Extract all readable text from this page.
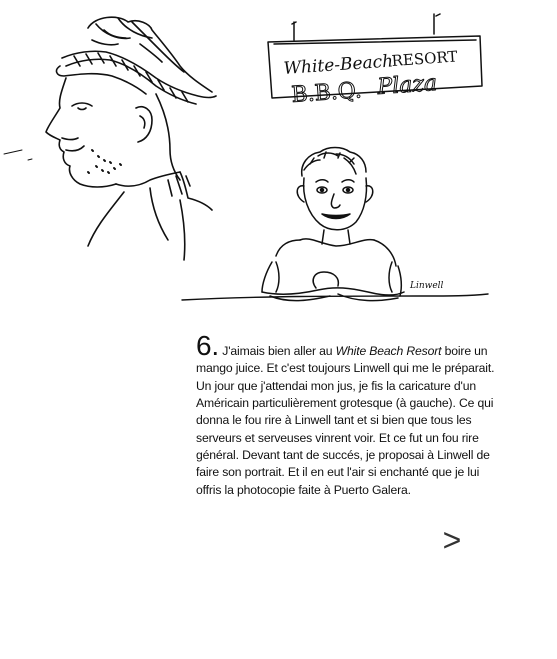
White-Beach
RESORT
B.B.Q. Plaza
Linwell

6. J'aimais bien aller au White Beach Resort boire un mango juice. Et c'est toujours Linwell qui me le préparait. Un jour que j'attendai mon jus, je fis la caricature d'un Américain particulièrement grotesque (à gauche). Ce qui donna le fou rire à Linwell tant et si bien que tous les serveurs et serveuses vinrent voir. Et ce fut un fou rire général. Devant tant de succés, je proposai à Linwell de faire son portrait. Et il en eut l'air si enchanté que je lui offris la photocopie faite à Puerto Galera.

>
